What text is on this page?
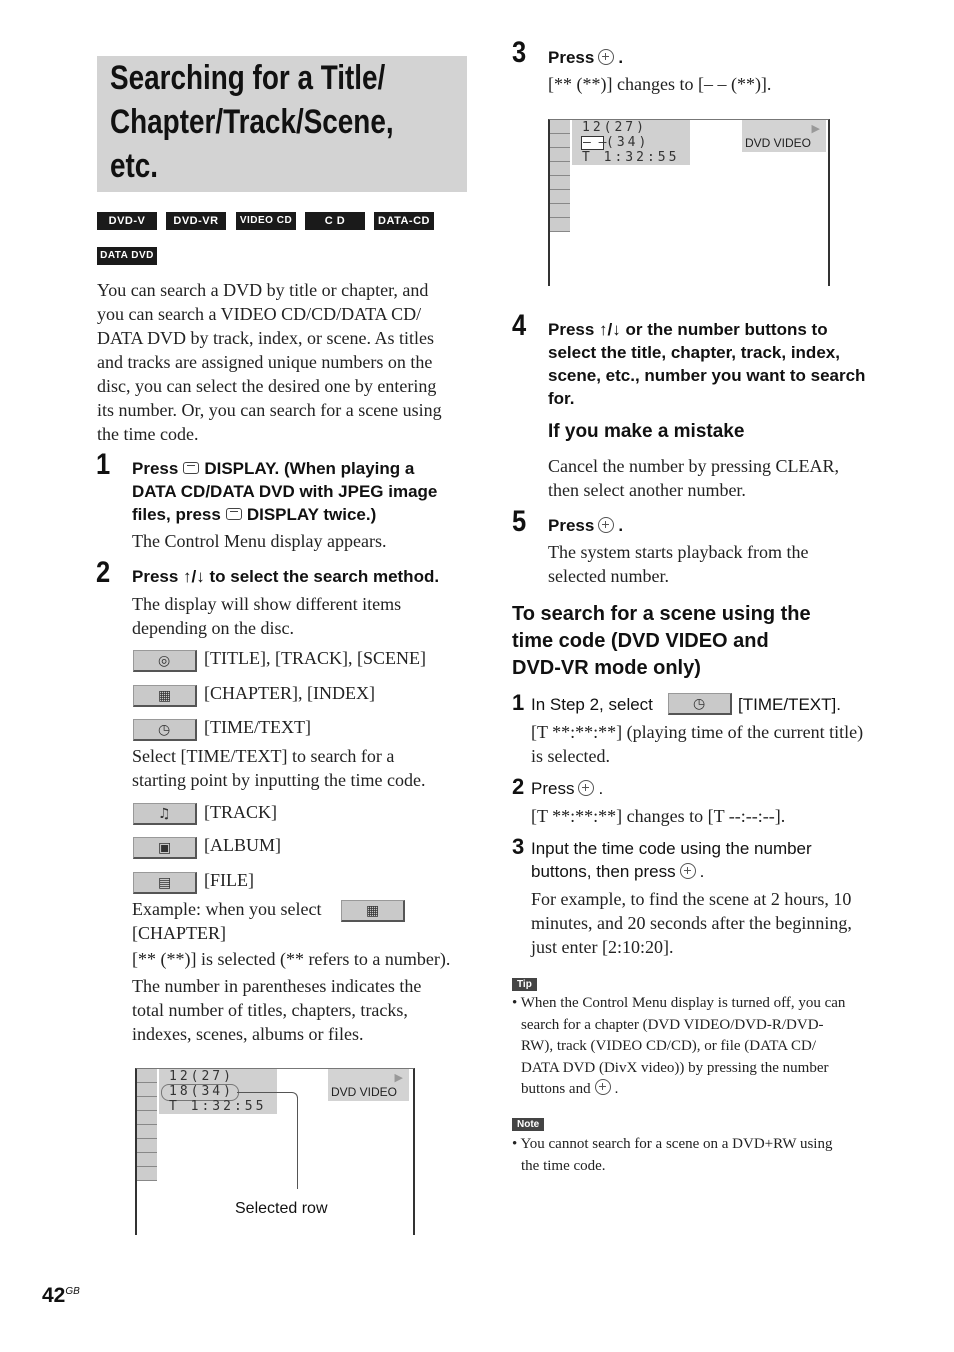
Searching for a Title/
Chapter/Track/Scene,
etc.
DVD-V	DVD-VR	VIDEO CD	C D	DATA-CD
DATA DVD
You can search a DVD by title or chapter, and
you can search a VIDEO CD/CD/DATA CD/
DATA DVD by track, index, or scene. As titles
and tracks are assigned unique numbers on the
disc, you can select the desired one by entering
its number. Or, you can search for a scene using
the time code.
1 Press DISPLAY. (When playing a
DATA CD/DATA DVD with JPEG image
files, press DISPLAY twice.)
The Control Menu display appears.
2 Press ↑/↓ to select the search method.
The display will show different items
depending on the disc.
◎ [TITLE], [TRACK], [SCENE]
▦ [CHAPTER], [INDEX]
◷ [TIME/TEXT]
Select [TIME/TEXT] to search for a
starting point by inputting the time code.
♫ [TRACK]
▣ [ALBUM]
▤ [FILE]
Example: when you select	▦
[CHAPTER]
[** (**)] is selected (** refers to a number).
The number in parentheses indicates the
total number of titles, chapters, tracks,
indexes, scenes, albums or files.
12(27)
18(34)
T 1:32:55
DVD VIDEO
▶
Selected row
3 Press .
[** (**)] changes to [– – (**)].
12(27)
– – (34)
T 1:32:55
DVD VIDEO
▶
4 Press ↑/↓ or the number buttons to
select the title, chapter, track, index,
scene, etc., number you want to search
for.
If you make a mistake
Cancel the number by pressing CLEAR,
then select another number.
5 Press .
The system starts playback from the
selected number.
To search for a scene using the
time code (DVD VIDEO and
DVD-VR mode only)
1 In Step 2, select	◷ [TIME/TEXT].
[T **:**:**] (playing time of the current title)
is selected.
2 Press .
[T **:**:**] changes to [T --:--:--].
3 Input the time code using the number
buttons, then press .
For example, to find the scene at 2 hours, 10
minutes, and 20 seconds after the beginning,
just enter [2:10:20].
Tip
• When the Control Menu display is turned off, you can
search for a chapter (DVD VIDEO/DVD-R/DVD-
RW), track (VIDEO CD/CD), or file (DATA CD/
DATA DVD (DivX video)) by pressing the number
buttons and .
Note
• You cannot search for a scene on a DVD+RW using
the time code.
$42^{GB}$
